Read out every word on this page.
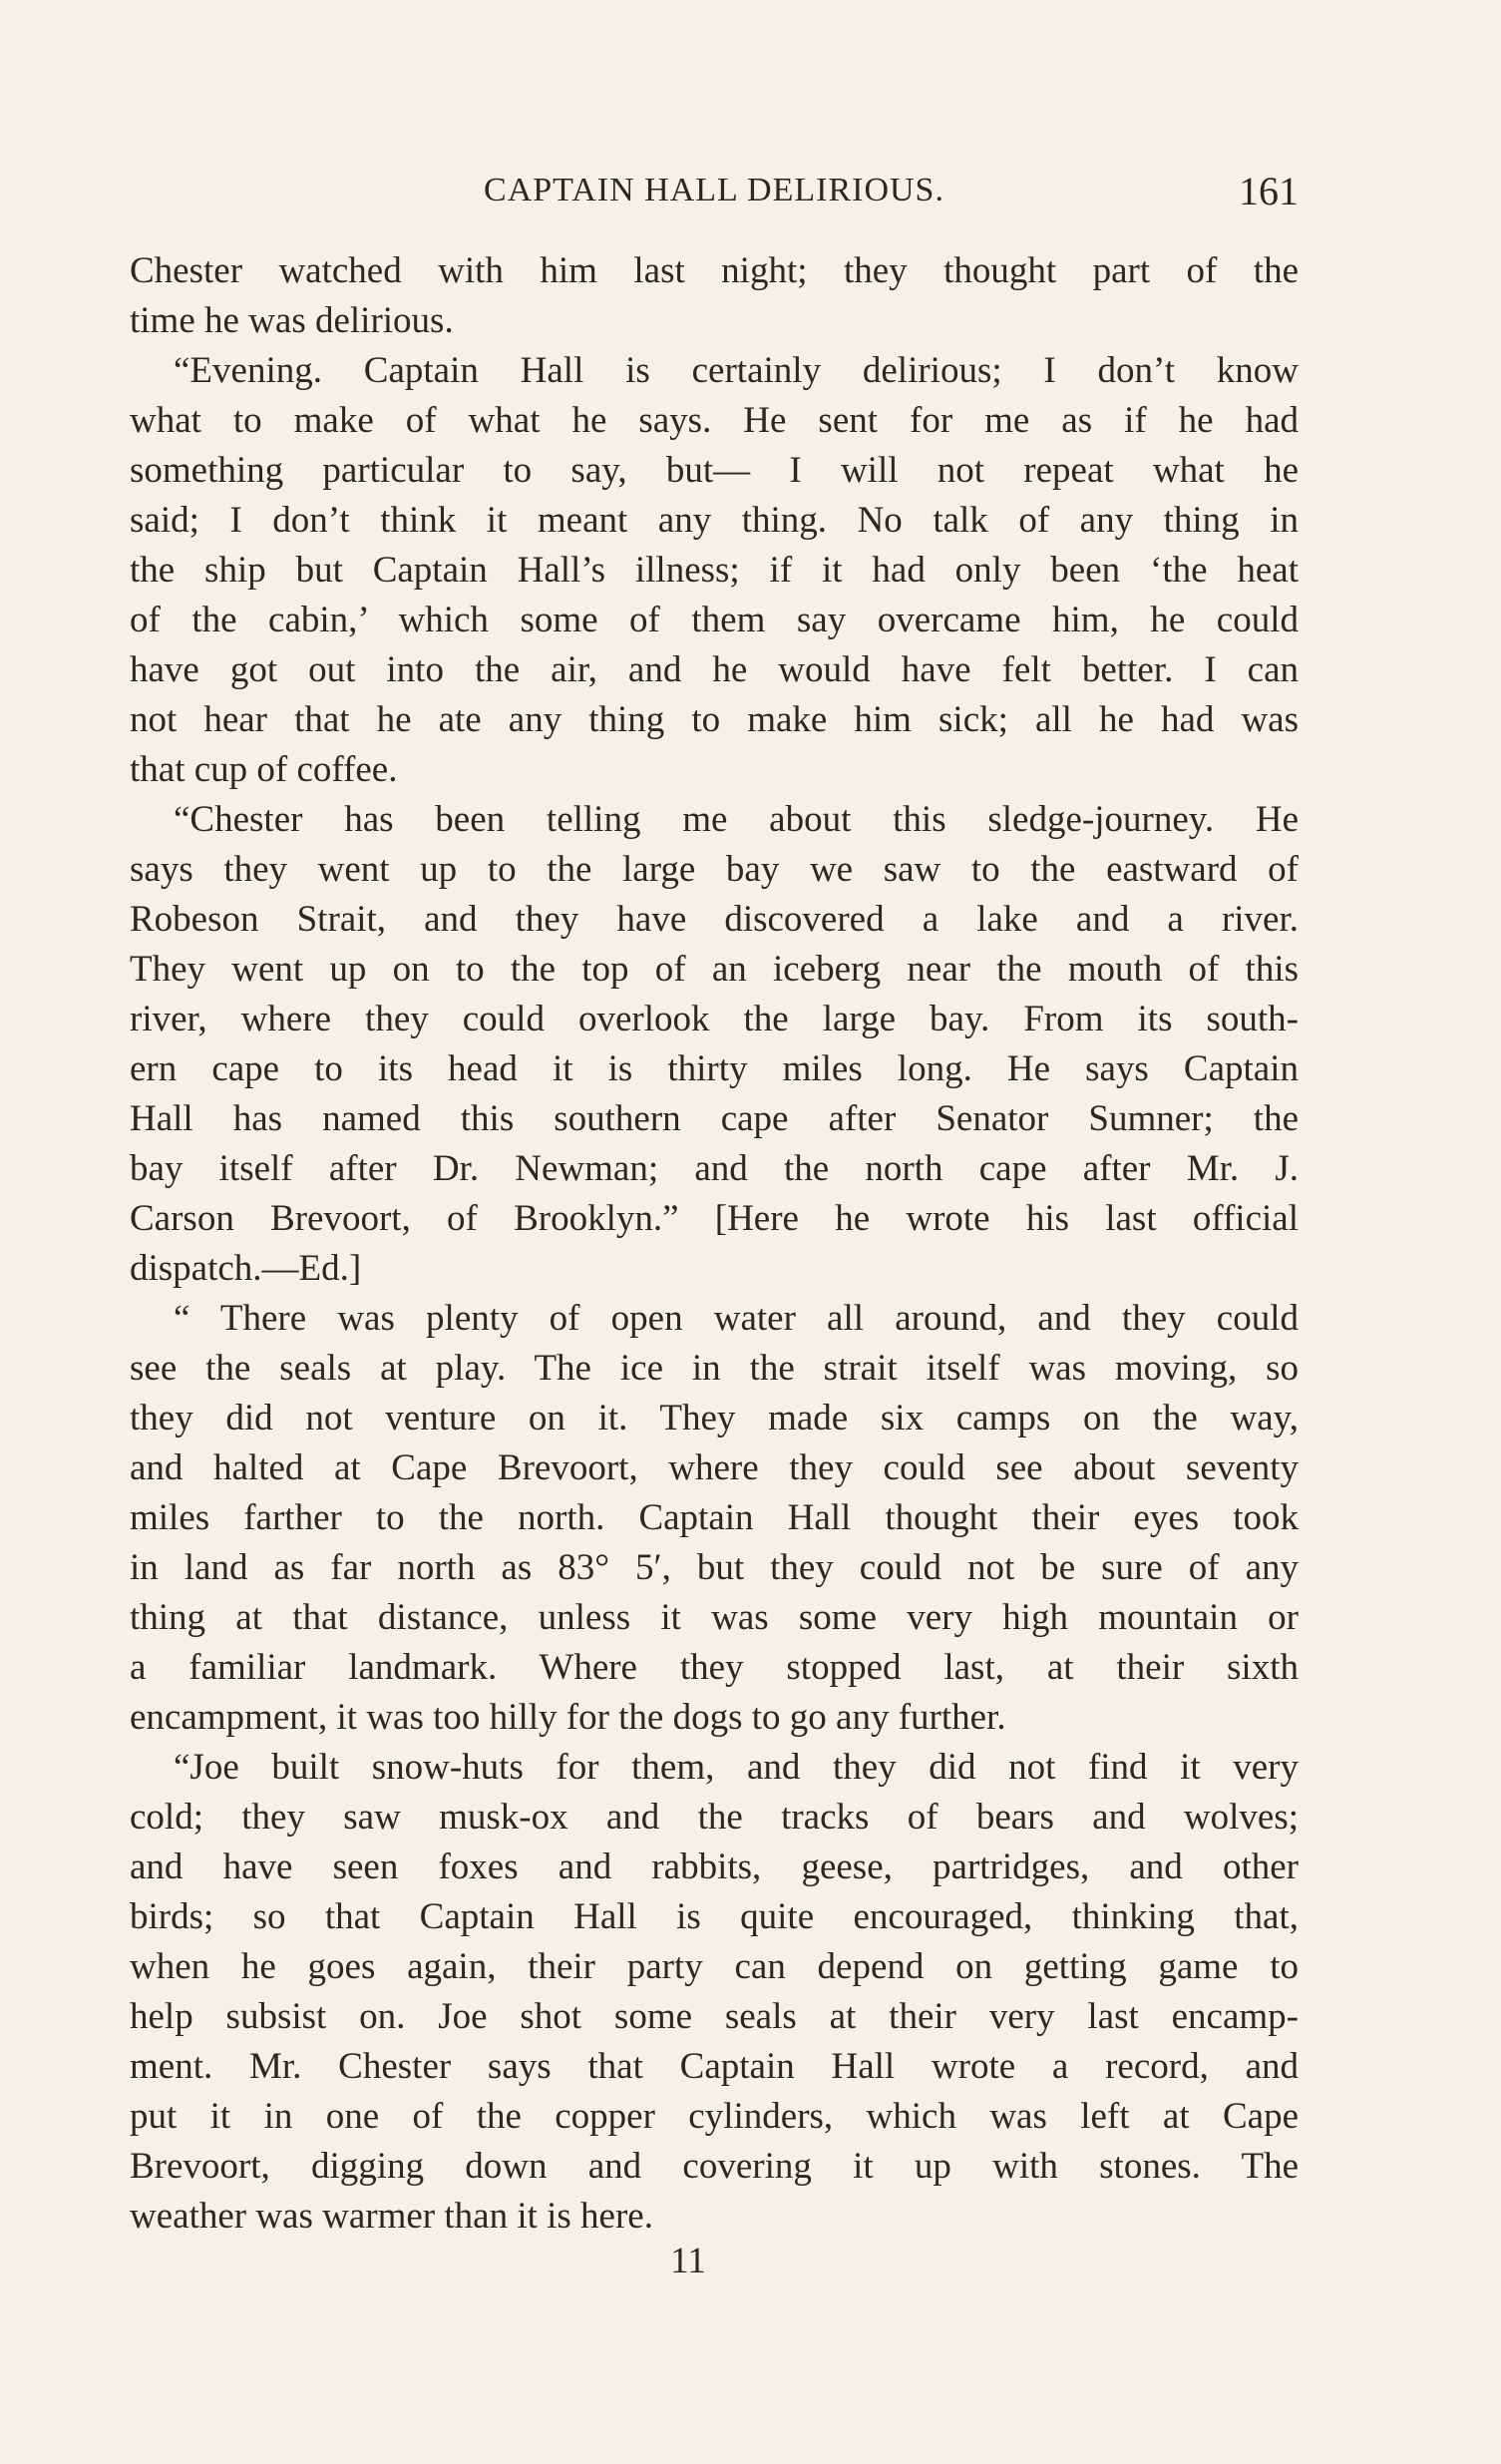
CAPTAIN HALL DELIRIOUS.	161
Chester watched with him last night; they thought part of the
time he was delirious.
“Evening. Captain Hall is certainly delirious; I don’t know
what to make of what he says. He sent for me as if he had
something particular to say, but— I will not repeat what he
said; I don’t think it meant any thing. No talk of any thing in
the ship but Captain Hall’s illness; if it had only been ‘the heat
of the cabin,’ which some of them say overcame him, he could
have got out into the air, and he would have felt better. I can
not hear that he ate any thing to make him sick; all he had was
that cup of coffee.
“Chester has been telling me about this sledge-journey. He
says they went up to the large bay we saw to the eastward of
Robeson Strait, and they have discovered a lake and a river.
They went up on to the top of an iceberg near the mouth of this
river, where they could overlook the large bay. From its south-
ern cape to its head it is thirty miles long. He says Captain
Hall has named this southern cape after Senator Sumner; the
bay itself after Dr. Newman; and the north cape after Mr. J.
Carson Brevoort, of Brooklyn.” [Here he wrote his last official
dispatch.—Ed.]
“ There was plenty of open water all around, and they could
see the seals at play. The ice in the strait itself was moving, so
they did not venture on it. They made six camps on the way,
and halted at Cape Brevoort, where they could see about seventy
miles farther to the north. Captain Hall thought their eyes took
in land as far north as 83° 5′, but they could not be sure of any
thing at that distance, unless it was some very high mountain or
a familiar landmark. Where they stopped last, at their sixth
encampment, it was too hilly for the dogs to go any further.
“Joe built snow-huts for them, and they did not find it very
cold; they saw musk-ox and the tracks of bears and wolves;
and have seen foxes and rabbits, geese, partridges, and other
birds; so that Captain Hall is quite encouraged, thinking that,
when he goes again, their party can depend on getting game to
help subsist on. Joe shot some seals at their very last encamp-
ment. Mr. Chester says that Captain Hall wrote a record, and
put it in one of the copper cylinders, which was left at Cape
Brevoort, digging down and covering it up with stones. The
weather was warmer than it is here.
11
